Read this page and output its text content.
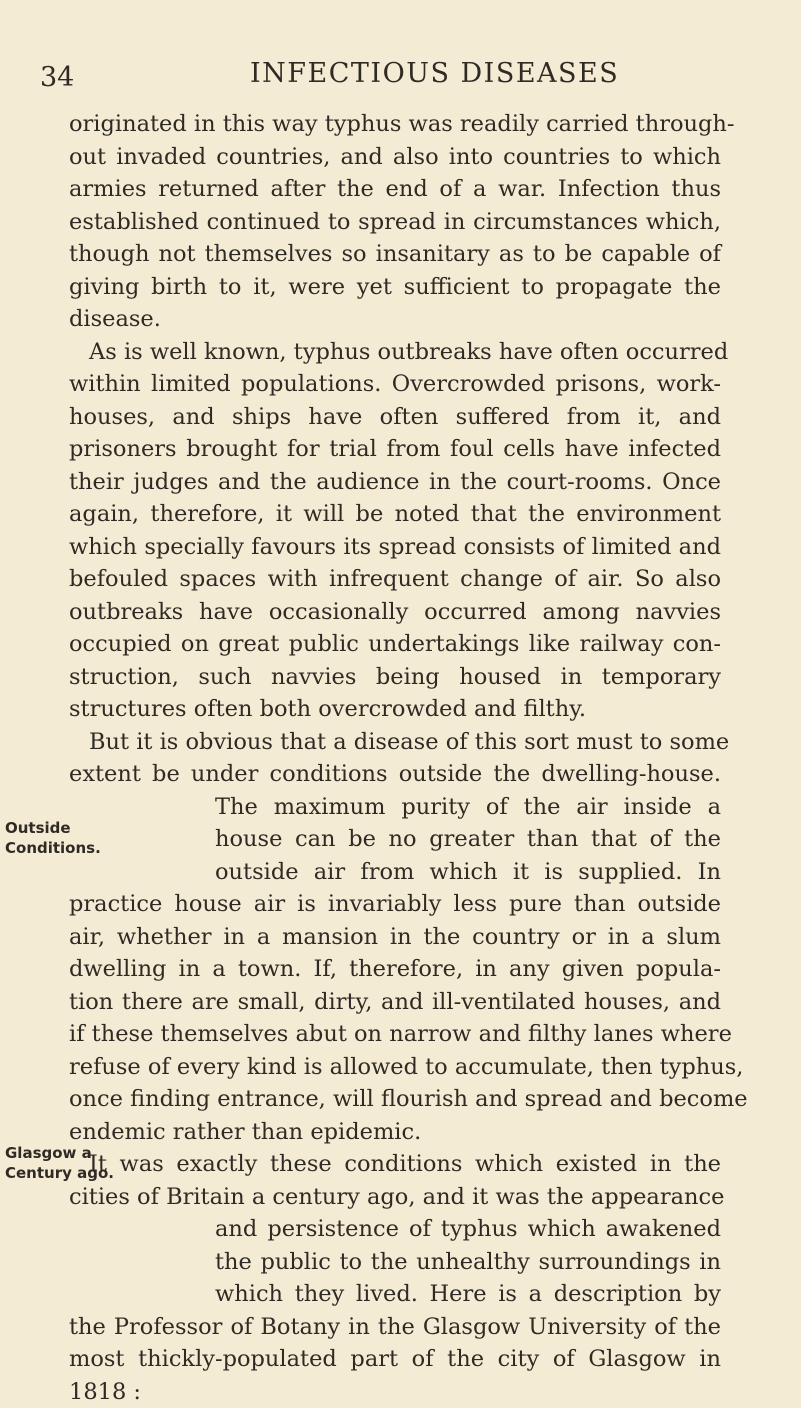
34	INFECTIOUS DISEASES
originated in this way typhus was readily carried through-
out invaded countries, and also into countries to which
armies returned after the end of a war. Infection thus
established continued to spread in circumstances which,
though not themselves so insanitary as to be capable of
giving birth to it, were yet sufficient to propagate the
disease.
As is well known, typhus outbreaks have often occurred
within limited populations. Overcrowded prisons, work-
houses, and ships have often suffered from it, and
prisoners brought for trial from foul cells have infected
their judges and the audience in the court-rooms. Once
again, therefore, it will be noted that the environment
which specially favours its spread consists of limited and
befouled spaces with infrequent change of air. So also
outbreaks have occasionally occurred among navvies
occupied on great public undertakings like railway con-
struction, such navvies being housed in temporary
structures often both overcrowded and filthy.
But it is obvious that a disease of this sort must to some
extent be under conditions outside the dwelling-house.
The maximum purity of the air inside a
house can be no greater than that of the
outside air from which it is supplied. In
practice house air is invariably less pure than outside
air, whether in a mansion in the country or in a slum
dwelling in a town. If, therefore, in any given popula-
tion there are small, dirty, and ill-ventilated houses, and
if these themselves abut on narrow and filthy lanes where
refuse of every kind is allowed to accumulate, then typhus,
once finding entrance, will flourish and spread and become
endemic rather than epidemic.
It was exactly these conditions which existed in the
cities of Britain a century ago, and it was the appearance
and persistence of typhus which awakened
the public to the unhealthy surroundings in
which they lived. Here is a description by
the Professor of Botany in the Glasgow University of the
most thickly-populated part of the city of Glasgow in
1818 :
Outside
Conditions.
Glasgow a
Century ago.
